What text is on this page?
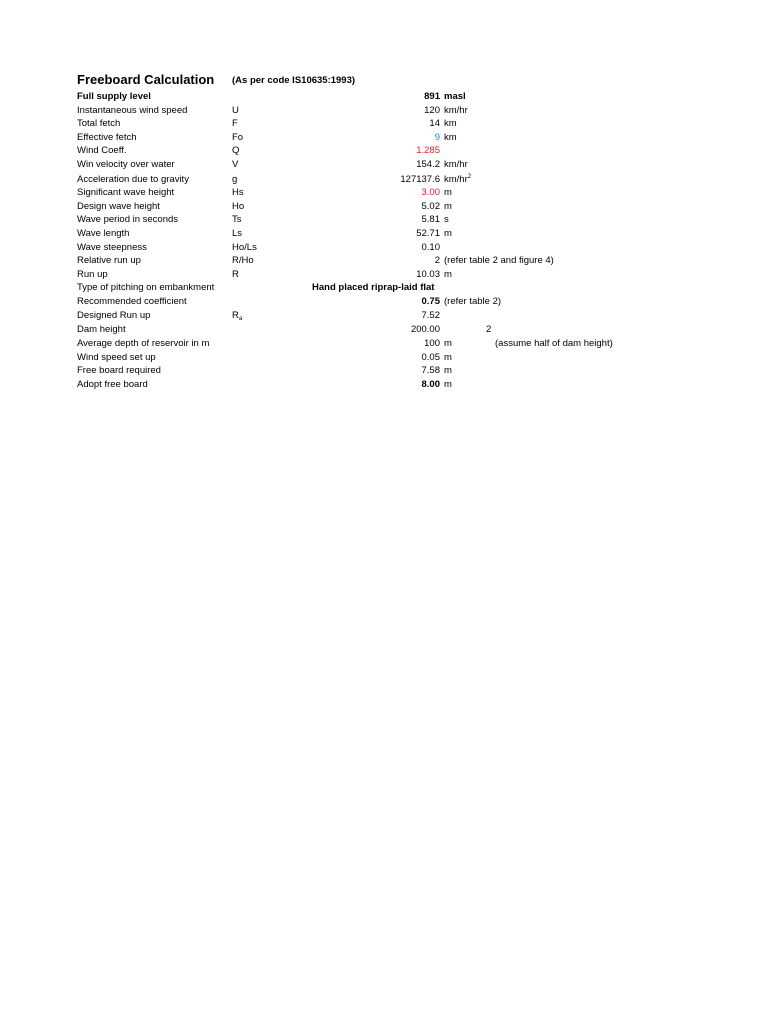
Freeboard Calculation (As per code IS10635:1993)
Full supply level	891 masl
Instantaneous wind speed	U	120 km/hr
Total fetch	F	14 km
Effective fetch	Fo	9 km
Wind Coeff.	Q	1.285
Win velocity over water	V	154.2 km/hr
Acceleration due to gravity	g	127137.6 $km/hr^2$
Significant wave height	Hs	3.00 m
Design wave height	Ho	5.02 m
Wave period in seconds	Ts	5.81 s
Wave length	Ls	52.71 m
Wave steepness	Ho/Ls	0.10
Relative run up	R/Ho	2 (refer table 2 and figure 4)
Run up	R	10.03 m
Type of pitching on embankment	Hand placed riprap-laid flat
Recommended coefficient	0.75 (refer table 2)
Designed Run up	Ra	7.52
Dam height	200.00	2
Average depth of reservoir in m	100 m	(assume half of dam height)
Wind speed set up	0.05 m
Free board required	7.58 m
Adopt free board	8.00 m
